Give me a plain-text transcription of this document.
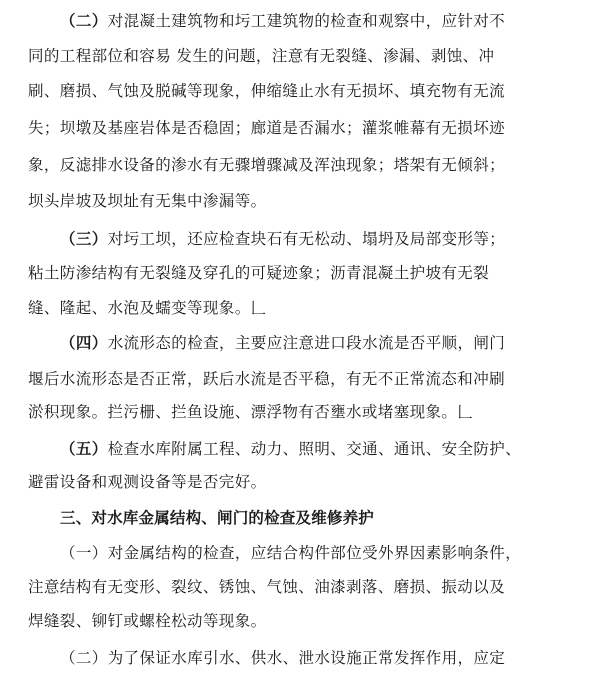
（二）对混凝土建筑物和圬工建筑物的检查和观察中，应针对不
同的工程部位和容易 发生的问题，注意有无裂缝、渗漏、剥蚀、冲
刷、磨损、气蚀及脱碱等现象，伸缩缝止水有无损坏、填充物有无流
失；坝墩及基座岩体是否稳固；廊道是否漏水；灌浆帷幕有无损坏迹
象，反滤排水设备的渗水有无骤增骤减及浑浊现象；塔架有无倾斜；
坝头岸坡及坝址有无集中渗漏等。
（三）对圬工坝，还应检查块石有无松动、塌坍及局部变形等；
粘土防渗结构有无裂缝及穿孔的可疑迹象；沥青混凝土护坡有无裂
缝、隆起、水泡及蠕变等现象。𠃊
（四）水流形态的检查，主要应注意进口段水流是否平顺，闸门
堰后水流形态是否正常，跃后水流是否平稳，有无不正常流态和冲刷
淤积现象。拦污栅、拦鱼设施、漂浮物有否壅水或堵塞现象。𠃊
（五）检查水库附属工程、动力、照明、交通、通讯、安全防护、
避雷设备和观测设备等是否完好。
三、对水库金属结构、闸门的检查及维修养护
（一）对金属结构的检查，应结合构件部位受外界因素影响条件，
注意结构有无变形、裂纹、锈蚀、气蚀、油漆剥落、磨损、振动以及
焊缝裂、铆钉或螺栓松动等现象。
（二）为了保证水库引水、供水、泄水设施正常发挥作用，应定
